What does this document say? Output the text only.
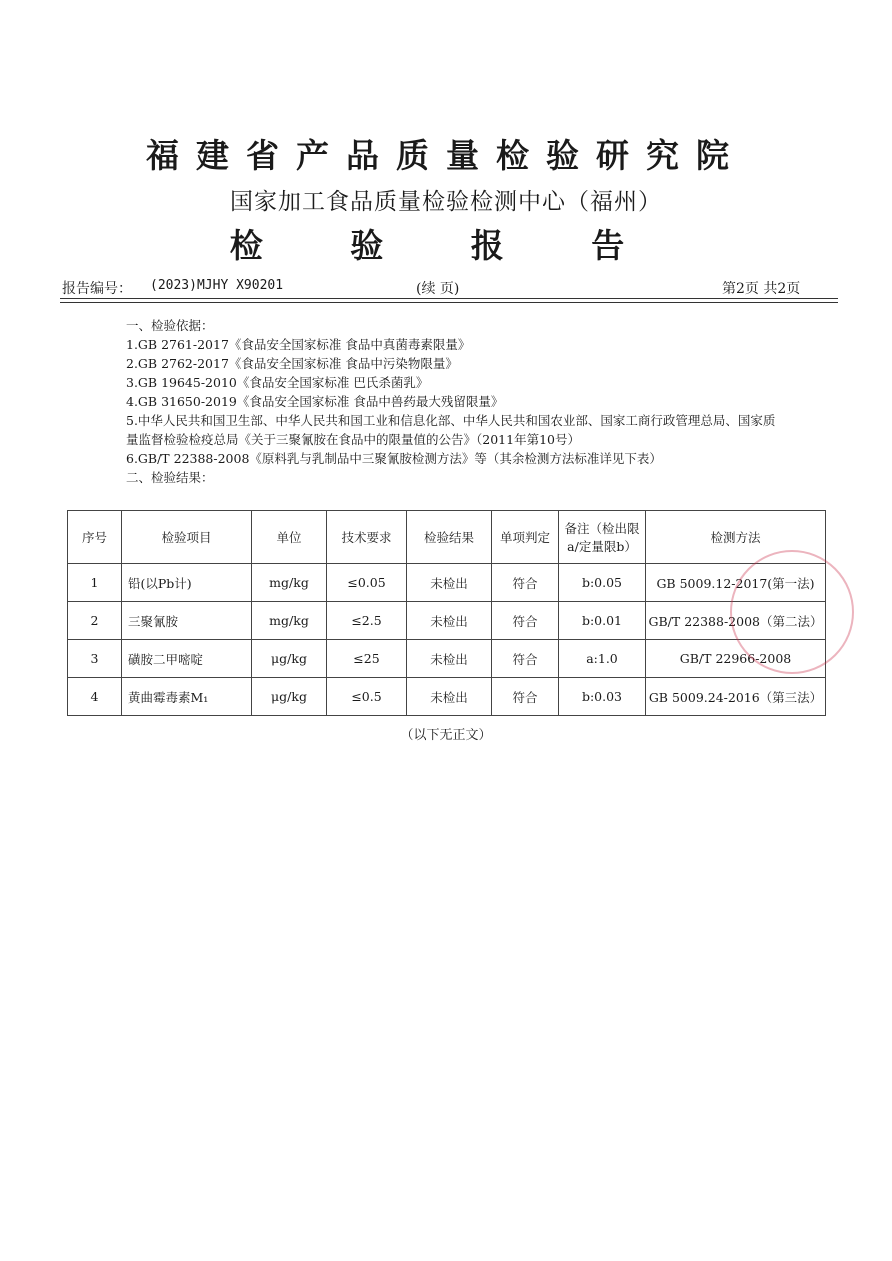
福建省产品质量检验研究院
国家加工食品质量检验检测中心（福州）
检 验 报 告
报告编号： (2023)MJHY X90201	(续 页)	第2页 共2页
一、检验依据：
1.GB 2761-2017《食品安全国家标准 食品中真菌毒素限量》
2.GB 2762-2017《食品安全国家标准 食品中污染物限量》
3.GB 19645-2010《食品安全国家标准 巴氏杀菌乳》
4.GB 31650-2019《食品安全国家标准 食品中兽药最大残留限量》
5.中华人民共和国卫生部、中华人民共和国工业和信息化部、中华人民共和国农业部、国家工商行政管理总局、国家质量监督检验检疫总局《关于三聚氰胺在食品中的限量值的公告》（2011年第10号）
6.GB/T 22388-2008《原料乳与乳制品中三聚氰胺检测方法》等（其余检测方法标准详见下表）
二、检验结果：
序号	检验项目	单位	技术要求	检验结果	单项判定	备注（检出限a/定量限b）	检测方法
1	铅(以Pb计)	mg/kg	≤0.05	未检出	符合	b:0.05	GB 5009.12-2017(第一法)
2	三聚氰胺	mg/kg	≤2.5	未检出	符合	b:0.01	GB/T 22388-2008（第二法）
3	磺胺二甲嘧啶	μg/kg	≤25	未检出	符合	a:1.0	GB/T 22966-2008
4	黄曲霉毒素M₁	μg/kg	≤0.5	未检出	符合	b:0.03	GB 5009.24-2016（第三法）
（以下无正文）
